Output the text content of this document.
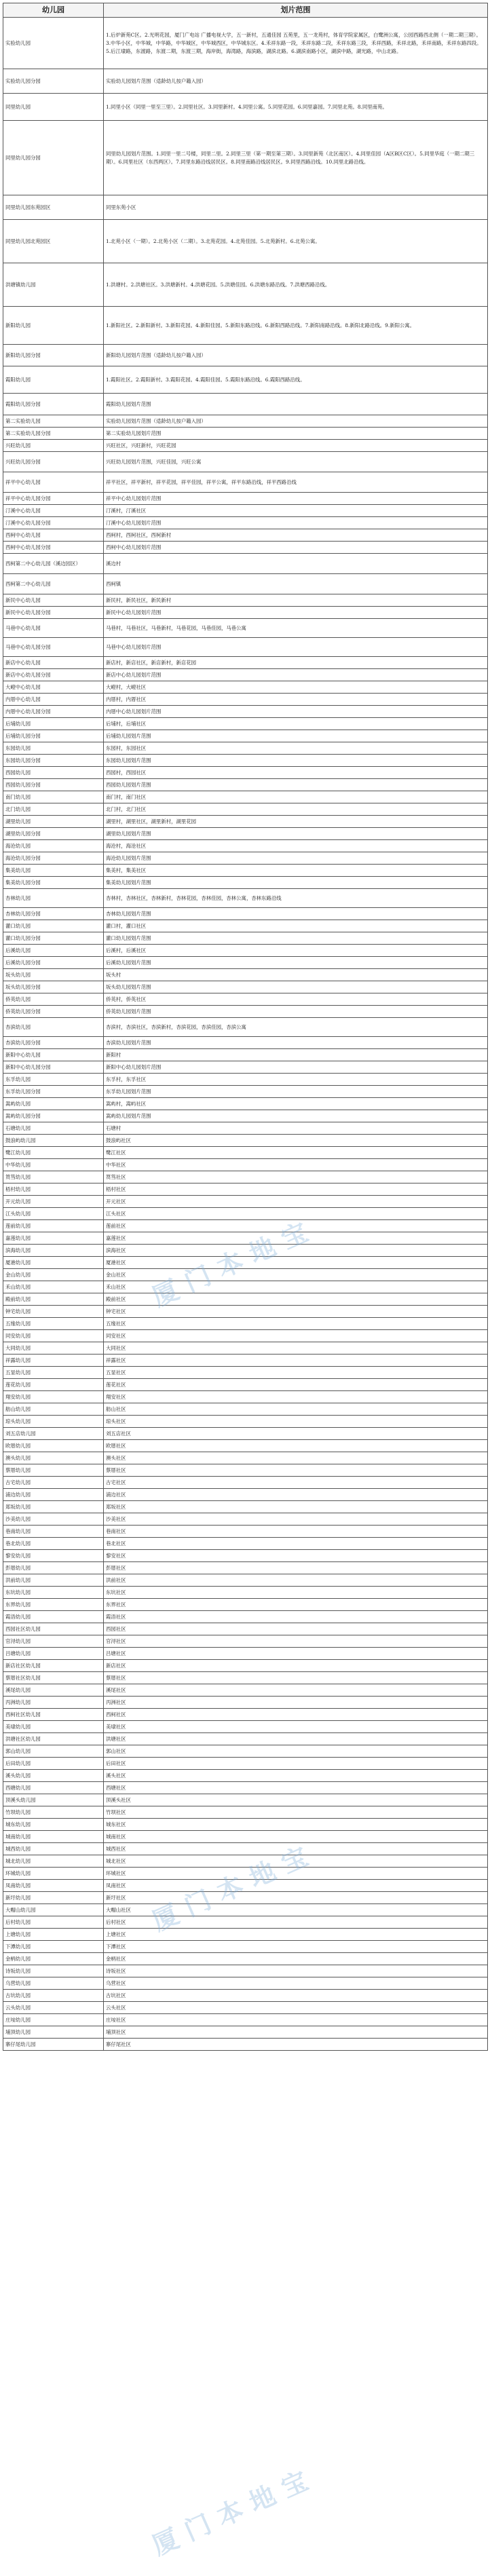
幼儿园	划片范围
实验幼儿园	1.后炉新苑C区。2.光明花园，厦门广电站 广播电视大学，五一新村，五通佳园 五苑里，五一龙苑村，体育学院家属区，白鹭洲公寓，公园西路西北侧（一期二期三期）。3.中华小区，中华城，中华路，中华城区，中华城西区，中华城东区。4.禾祥东路一段，禾祥东路二段，禾祥东路三段，禾祥西路，禾祥北路，禾祥南路，禾祥东路四段。5.后江埭路，东渡路，东渡二期，东渡三期，海岸街，海湾路，海滨路，湖滨北路。6.湖滨南路小区，湖滨中路，湖光路，中山北路。
实验幼儿园分园	实验幼儿园划片范围（适龄幼儿按户籍入园）
同里幼儿园	1.同里小区（同里一里至三里）。2.同里社区。3.同里新村。4.同里公寓。5.同里花园。6.同里嘉园。7.同里北苑。8.同里南苑。
同里幼儿园分园	同里幼儿园划片范围。1.同里一里二号楼，同里二里。2.同里三里（第一期至第三期）。3.同里新苑（北区南区）。4.同里佳园（A区B区C区）。5.同里华庭（一期二期三期）。6.同里社区（东西两区）。7.同里东路沿线居民区。8.同里南路沿线居民区。9.同里西路沿线。10.同里北路沿线。
同里幼儿园东苑园区	同里东苑小区
同里幼儿园北苑园区	1.北苑小区（一期）。2.北苑小区（二期）。3.北苑花园。4.北苑佳园。5.北苑新村。6.北苑公寓。
洪塘镇幼儿园	1.洪塘村。2.洪塘社区。3.洪塘新村。4.洪塘花园。5.洪塘佳园。6.洪塘东路沿线。7.洪塘西路沿线。
新阳幼儿园	1.新阳社区。2.新阳新村。3.新阳花园。4.新阳佳园。5.新阳东路沿线。6.新阳西路沿线。7.新阳南路沿线。8.新阳北路沿线。9.新阳公寓。
新阳幼儿园分园	新阳幼儿园划片范围（适龄幼儿按户籍入园）
霞阳幼儿园	1.霞阳社区。2.霞阳新村。3.霞阳花园。4.霞阳佳园。5.霞阳东路沿线。6.霞阳西路沿线。
霞阳幼儿园分园	霞阳幼儿园划片范围
第二实验幼儿园	实验幼儿园划片范围（适龄幼儿按户籍入园）
第二实验幼儿园分园	第二实验幼儿园划片范围
兴旺幼儿园	兴旺社区，兴旺新村，兴旺花园
兴旺幼儿园分园	兴旺幼儿园划片范围，兴旺佳园，兴旺公寓
祥平中心幼儿园	祥平社区，祥平新村，祥平花园，祥平佳园，祥平公寓，祥平东路沿线，祥平西路沿线
祥平中心幼儿园分园	祥平中心幼儿园划片范围
汀溪中心幼儿园	汀溪村，汀溪社区
汀溪中心幼儿园分园	汀溪中心幼儿园划片范围
西柯中心幼儿园	西柯村，西柯社区，西柯新村
西柯中心幼儿园分园	西柯中心幼儿园划片范围
西柯第二中心幼儿园（溪边园区）	溪边村
西柯第二中心幼儿园	西柯镇
新民中心幼儿园	新民村，新民社区，新民新村
新民中心幼儿园分园	新民中心幼儿园划片范围
马巷中心幼儿园	马巷村，马巷社区，马巷新村，马巷花园，马巷佳园，马巷公寓
马巷中心幼儿园分园	马巷中心幼儿园划片范围
新店中心幼儿园	新店村，新店社区，新店新村，新店花园
新店中心幼儿园分园	新店中心幼儿园划片范围
大嶝中心幼儿园	大嶝村，大嶝社区
内厝中心幼儿园	内厝村，内厝社区
内厝中心幼儿园分园	内厝中心幼儿园划片范围
后埔幼儿园	后埔村，后埔社区
后埔幼儿园分园	后埔幼儿园划片范围
东园幼儿园	东园村，东园社区
东园幼儿园分园	东园幼儿园划片范围
西园幼儿园	西园村，西园社区
西园幼儿园分园	西园幼儿园划片范围
南门幼儿园	南门村，南门社区
北门幼儿园	北门村，北门社区
湖里幼儿园	湖里村，湖里社区，湖里新村，湖里花园
湖里幼儿园分园	湖里幼儿园划片范围
海沧幼儿园	海沧村，海沧社区
海沧幼儿园分园	海沧幼儿园划片范围
集美幼儿园	集美村，集美社区
集美幼儿园分园	集美幼儿园划片范围
杏林幼儿园	杏林村，杏林社区，杏林新村，杏林花园，杏林佳园，杏林公寓，杏林东路沿线
杏林幼儿园分园	杏林幼儿园划片范围
灌口幼儿园	灌口村，灌口社区
灌口幼儿园分园	灌口幼儿园划片范围
后溪幼儿园	后溪村，后溪社区
后溪幼儿园分园	后溪幼儿园划片范围
坂头幼儿园	坂头村
坂头幼儿园分园	坂头幼儿园划片范围
侨英幼儿园	侨英村，侨英社区
侨英幼儿园分园	侨英幼儿园划片范围
杏滨幼儿园	杏滨村，杏滨社区，杏滨新村，杏滨花园，杏滨佳园，杏滨公寓
杏滨幼儿园分园	杏滨幼儿园划片范围
新阳中心幼儿园	新阳村
新阳中心幼儿园分园	新阳中心幼儿园划片范围
东孚幼儿园	东孚村，东孚社区
东孚幼儿园分园	东孚幼儿园划片范围
嵩屿幼儿园	嵩屿村，嵩屿社区
嵩屿幼儿园分园	嵩屿幼儿园划片范围
石塘幼儿园	石塘村
鼓浪屿幼儿园	鼓浪屿社区
鹭江幼儿园	鹭江社区
中华幼儿园	中华社区
筼筜幼儿园	筼筜社区
梧村幼儿园	梧村社区
开元幼儿园	开元社区
江头幼儿园	江头社区
莲前幼儿园	莲前社区
嘉莲幼儿园	嘉莲社区
滨海幼儿园	滨海社区
厦港幼儿园	厦港社区
金山幼儿园	金山社区
禾山幼儿园	禾山社区
殿前幼儿园	殿前社区
钟宅幼儿园	钟宅社区
五缘幼儿园	五缘社区
同安幼儿园	同安社区
大同幼儿园	大同社区
祥露幼儿园	祥露社区
五显幼儿园	五显社区
莲花幼儿园	莲花社区
翔安幼儿园	翔安社区
舫山幼儿园	舫山社区
琼头幼儿园	琼头社区
刘五店幼儿园	刘五店社区
欧厝幼儿园	欧厝社区
澳头幼儿园	澳头社区
蔡厝幼儿园	蔡厝社区
古宅幼儿园	古宅社区
浦边幼儿园	浦边社区
郑坂幼儿园	郑坂社区
沙美幼儿园	沙美社区
巷南幼儿园	巷南社区
巷北幼儿园	巷北社区
黎安幼儿园	黎安社区
彭厝幼儿园	彭厝社区
洪前幼儿园	洪前社区
东坑幼儿园	东坑社区
东界幼儿园	东界社区
霞浯幼儿园	霞浯社区
西园社区幼儿园	西园社区
官浔幼儿园	官浔社区
吕塘幼儿园	吕塘社区
新店社区幼儿园	新店社区
蔡厝社区幼儿园	蔡厝社区
溪尾幼儿园	溪尾社区
丙洲幼儿园	丙洲社区
西柯社区幼儿园	西柯社区
美埭幼儿园	美埭社区
洪塘社区幼儿园	洪塘社区
郭山幼儿园	郭山社区
后田幼儿园	后田社区
溪头幼儿园	溪头社区
西塘幼儿园	西塘社区
顶溪头幼儿园	顶溪头社区
竹坝幼儿园	竹坝社区
城东幼儿园	城东社区
城南幼儿园	城南社区
城西幼儿园	城西社区
城北幼儿园	城北社区
环城幼儿园	环城社区
凤南幼儿园	凤南社区
新圩幼儿园	新圩社区
大帽山幼儿园	大帽山社区
后村幼儿园	后村社区
上塘幼儿园	上塘社区
下潭幼儿园	下潭社区
金柄幼儿园	金柄社区
诗坂幼儿园	诗坂社区
乌营幼儿园	乌营社区
古坑幼儿园	古坑社区
云头幼儿园	云头社区
庄垵幼儿园	庄垵社区
埔顶幼儿园	埔顶社区
寨仔尾幼儿园	寨仔尾社区
厦门本地宝
厦门本地宝
厦门本地宝
